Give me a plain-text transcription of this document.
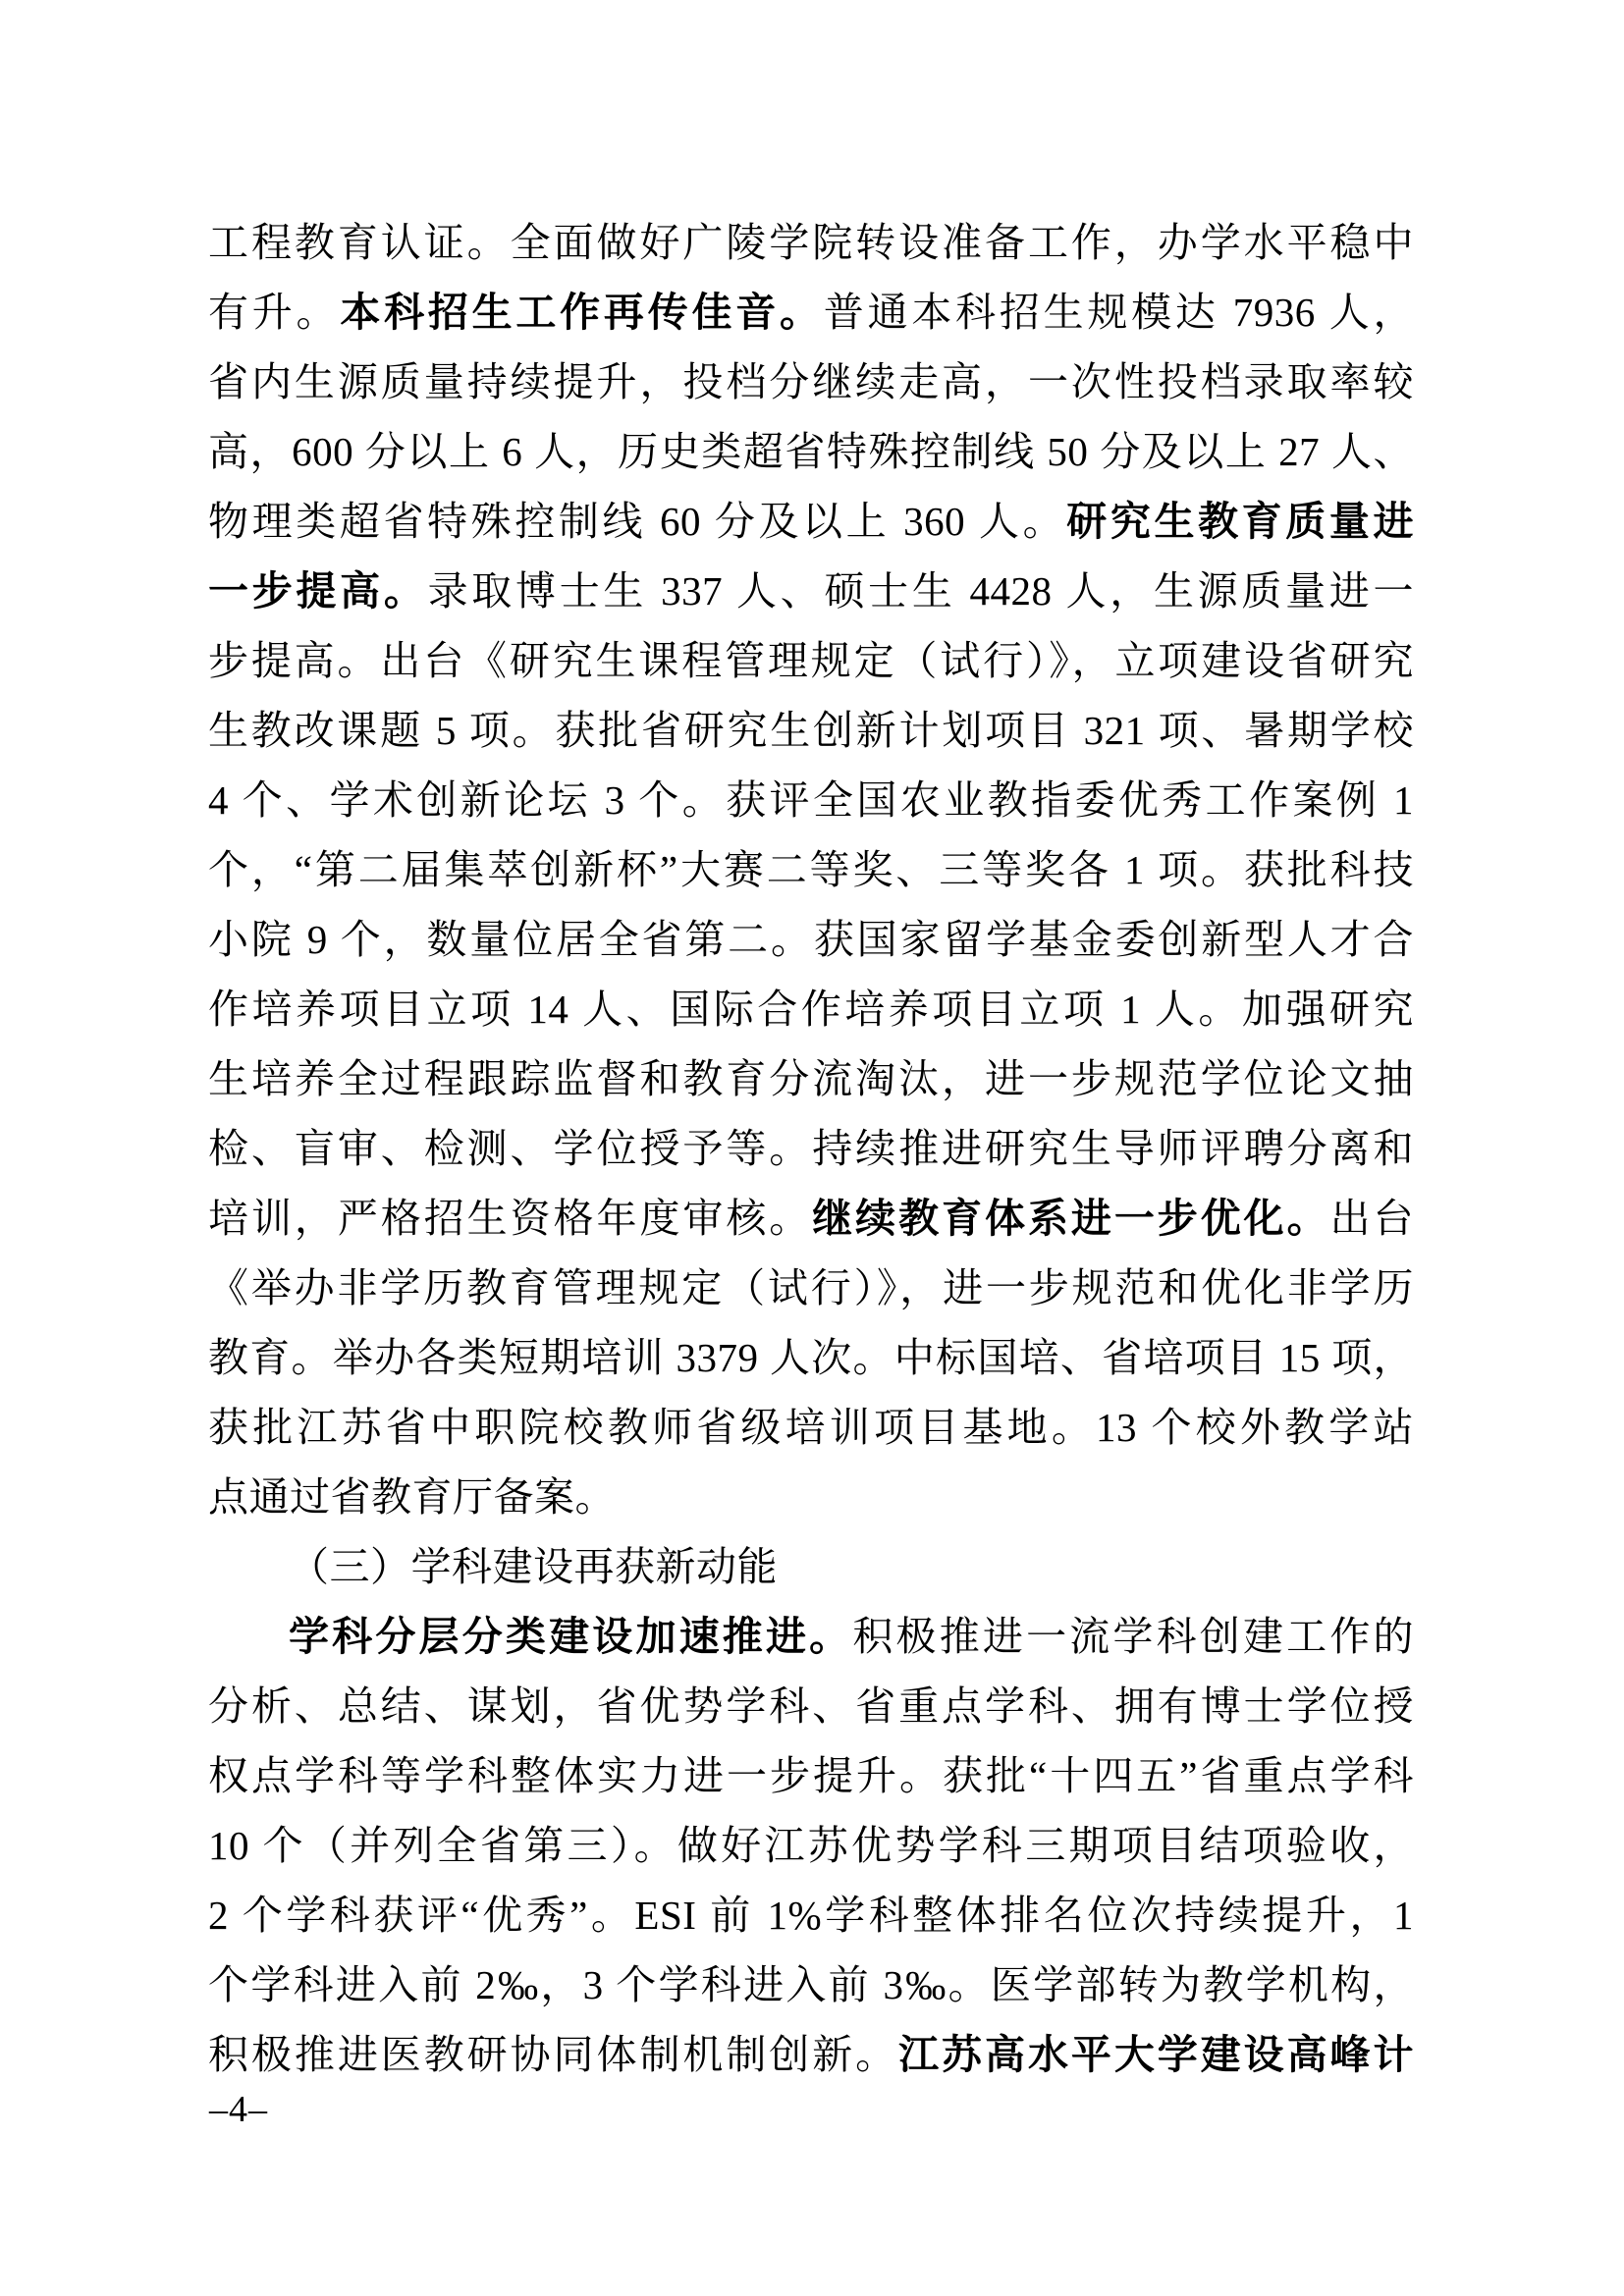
工程教育认证。全面做好广陵学院转设准备工作，办学水平稳中
有升。本科招生工作再传佳音。普通本科招生规模达 7936 人，
省内生源质量持续提升，投档分继续走高，一次性投档录取率较
高，600 分以上 6 人，历史类超省特殊控制线 50 分及以上 27 人、
物理类超省特殊控制线 60 分及以上 360 人。研究生教育质量进
一步提高。录取博士生 337 人、硕士生 4428 人，生源质量进一
步提高。出台《研究生课程管理规定（试行）》，立项建设省研究
生教改课题 5 项。获批省研究生创新计划项目 321 项、暑期学校
4 个、学术创新论坛 3 个。获评全国农业教指委优秀工作案例 1
个，“第二届集萃创新杯”大赛二等奖、三等奖各 1 项。获批科技
小院 9 个，数量位居全省第二。获国家留学基金委创新型人才合
作培养项目立项 14 人、国际合作培养项目立项 1 人。加强研究
生培养全过程跟踪监督和教育分流淘汰，进一步规范学位论文抽
检、盲审、检测、学位授予等。持续推进研究生导师评聘分离和
培训，严格招生资格年度审核。继续教育体系进一步优化。出台
《举办非学历教育管理规定（试行）》，进一步规范和优化非学历
教育。举办各类短期培训 3379 人次。中标国培、省培项目 15 项，
获批江苏省中职院校教师省级培训项目基地。13 个校外教学站
点通过省教育厅备案。
（三）学科建设再获新动能
学科分层分类建设加速推进。积极推进一流学科创建工作的
分析、总结、谋划，省优势学科、省重点学科、拥有博士学位授
权点学科等学科整体实力进一步提升。获批“十四五”省重点学科
10 个（并列全省第三）。做好江苏优势学科三期项目结项验收，
2 个学科获评“优秀”。ESI 前 1%学科整体排名位次持续提升，1
个学科进入前 2‰，3 个学科进入前 3‰。医学部转为教学机构，
积极推进医教研协同体制机制创新。江苏高水平大学建设高峰计
–4–
